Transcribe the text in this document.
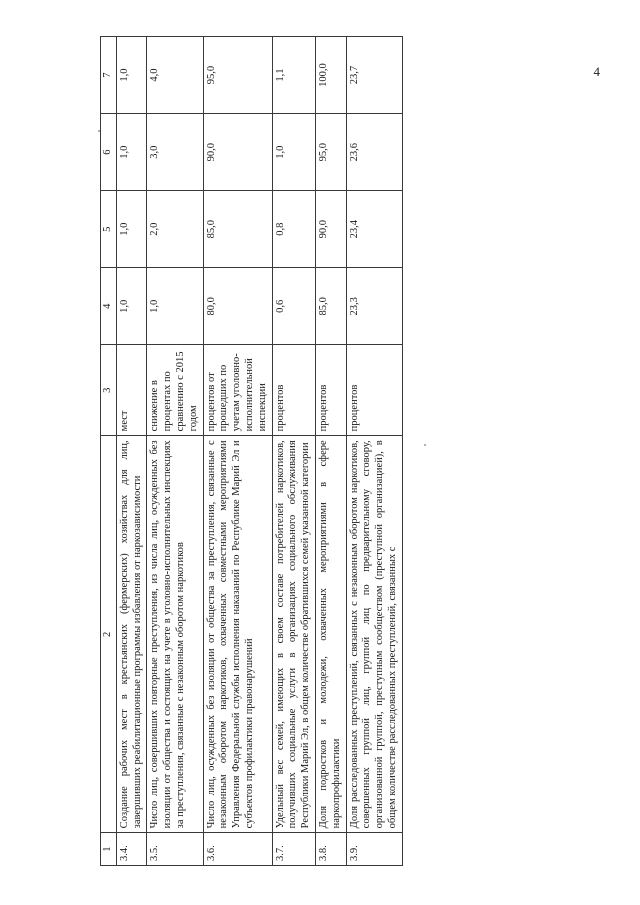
4
1	2	3	4	5	6	7
3.4.	Создание рабочих мест в крестьянских (фермерских) хозяйствах для лиц, завершивших реабилитационные программы избавления от наркозависимости	мест	1,0	1,0	1,0	1,0
3.5.	Число лиц, совершивших повторные преступления, из числа лиц, осужденных без изоляции от общества и состоящих на учете в уголовно-исполнительных инспекциях за преступления, связанные с незаконным оборотом наркотиков	снижение в процентах по сравнению с 2015 годом	1,0	2,0	3,0	4,0
3.6.	Число лиц, осужденных без изоляции от общества за преступления, связанные с незаконным оборотом наркотиков, охваченных совместными мероприятиями Управления Федеральной службы исполнения наказаний по Республике Марий Эл и субъектов профилактики правонарушений	процентов от прошедших по учетам уголовно-исполнительной инспекции	80,0	85,0	90,0	95,0
3.7.	Удельный вес семей, имеющих в своем составе потребителей наркотиков, получивших социальные услуги в организациях социального обслуживания Республики Марий Эл, в общем количестве обратившихся семей указанной категории	процентов	0,6	0,8	1,0	1,1
3.8.	Доля подростков и молодежи, охваченных мероприятиями в сфере наркопрофилактики	процентов	85,0	90,0	95,0	100,0
3.9.	Доля расследованных преступлений, связанных с незаконным оборотом наркотиков, совершенных группой лиц, группой лиц по предварительному сговору, организованной группой, преступным сообществом (преступной организацией), в общем количестве расследованных преступлений, связанных с	процентов	23,3	23,4	23,6	23,7
